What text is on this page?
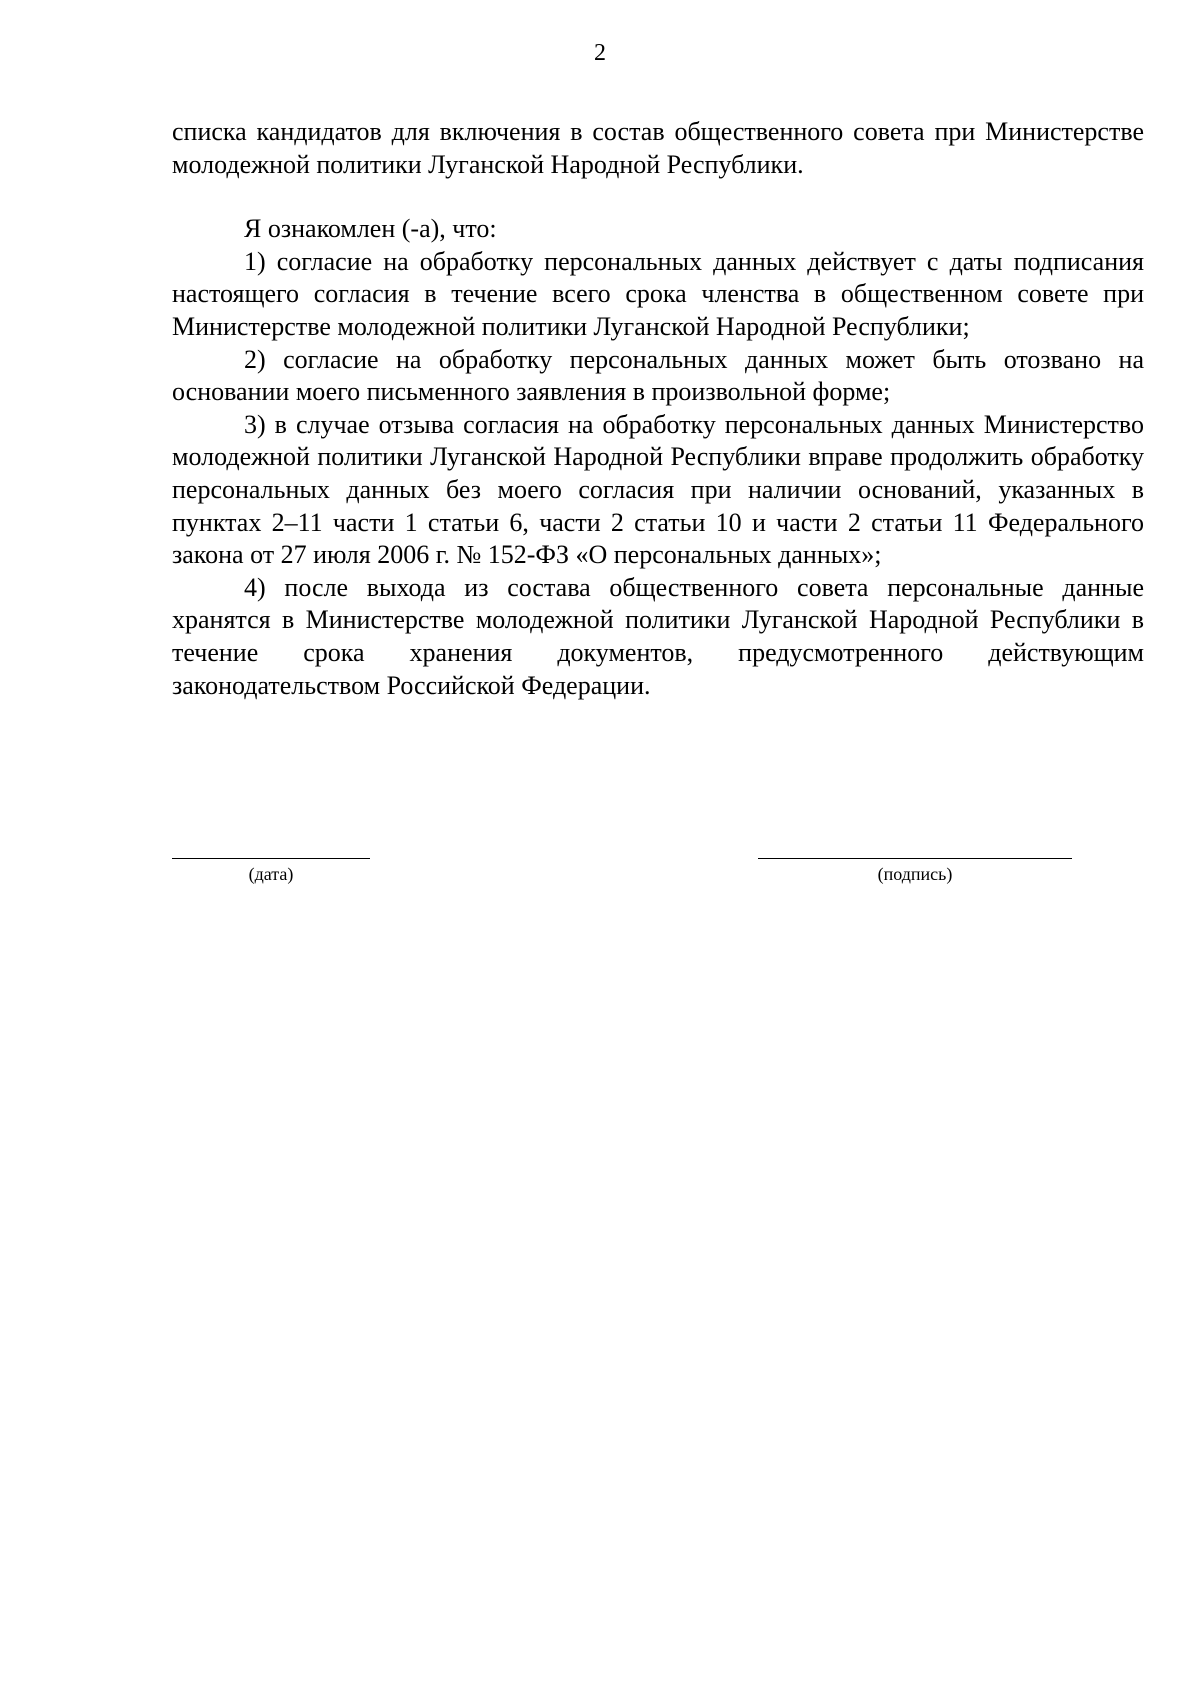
2

списка кандидатов для включения в состав общественного совета при Министерстве молодежной политики Луганской Народной Республики.

Я ознакомлен (-а), что:

1) согласие на обработку персональных данных действует с даты подписания настоящего согласия в течение всего срока членства в общественном совете при Министерстве молодежной политики Луганской Народной Республики;

2) согласие на обработку персональных данных может быть отозвано на основании моего письменного заявления в произвольной форме;

3) в случае отзыва согласия на обработку персональных данных Министерство молодежной политики Луганской Народной Республики вправе продолжить обработку персональных данных без моего согласия при наличии оснований, указанных в пунктах 2–11 части 1 статьи 6, части 2 статьи 10 и части 2 статьи 11 Федерального закона от 27 июля 2006 г. № 152-ФЗ «О персональных данных»;

4) после выхода из состава общественного совета персональные данные хранятся в Министерстве молодежной политики Луганской Народной Республики в течение срока хранения документов, предусмотренного действующим законодательством Российской Федерации.

(дата)	(подпись)
